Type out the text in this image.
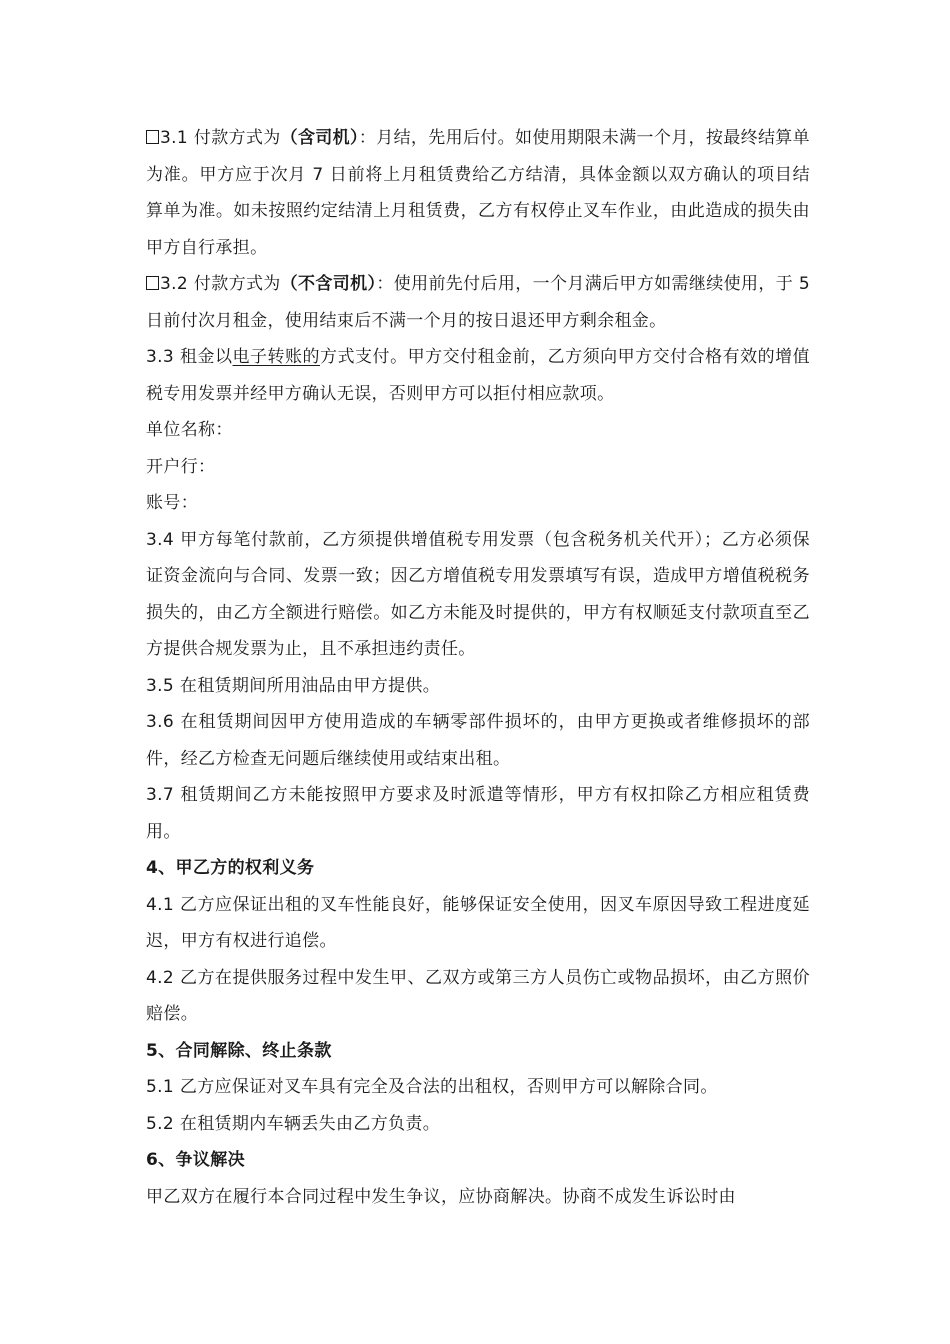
3.1 付款方式为（含司机）：月结，先用后付。如使用期限未满一个月，按最终结算单为准。甲方应于次月 7 日前将上月租赁费给乙方结清，具体金额以双方确认的项目结算单为准。如未按照约定结清上月租赁费，乙方有权停止叉车作业，由此造成的损失由甲方自行承担。

3.2 付款方式为（不含司机）：使用前先付后用，一个月满后甲方如需继续使用，于 5 日前付次月租金，使用结束后不满一个月的按日退还甲方剩余租金。

3.3 租金以电子转账的方式支付。甲方交付租金前，乙方须向甲方交付合格有效的增值税专用发票并经甲方确认无误，否则甲方可以拒付相应款项。

单位名称：

开户行：

账号：

3.4 甲方每笔付款前，乙方须提供增值税专用发票（包含税务机关代开）；乙方必须保证资金流向与合同、发票一致；因乙方增值税专用发票填写有误，造成甲方增值税税务损失的，由乙方全额进行赔偿。如乙方未能及时提供的，甲方有权顺延支付款项直至乙方提供合规发票为止，且不承担违约责任。

3.5 在租赁期间所用油品由甲方提供。

3.6 在租赁期间因甲方使用造成的车辆零部件损坏的，由甲方更换或者维修损坏的部件，经乙方检查无问题后继续使用或结束出租。

3.7 租赁期间乙方未能按照甲方要求及时派遣等情形，甲方有权扣除乙方相应租赁费用。

4、甲乙方的权利义务

4.1 乙方应保证出租的叉车性能良好，能够保证安全使用，因叉车原因导致工程进度延迟，甲方有权进行追偿。

4.2 乙方在提供服务过程中发生甲、乙双方或第三方人员伤亡或物品损坏，由乙方照价赔偿。

5、合同解除、终止条款

5.1 乙方应保证对叉车具有完全及合法的出租权，否则甲方可以解除合同。

5.2 在租赁期内车辆丢失由乙方负责。

6、争议解决

甲乙双方在履行本合同过程中发生争议，应协商解决。协商不成发生诉讼时由
